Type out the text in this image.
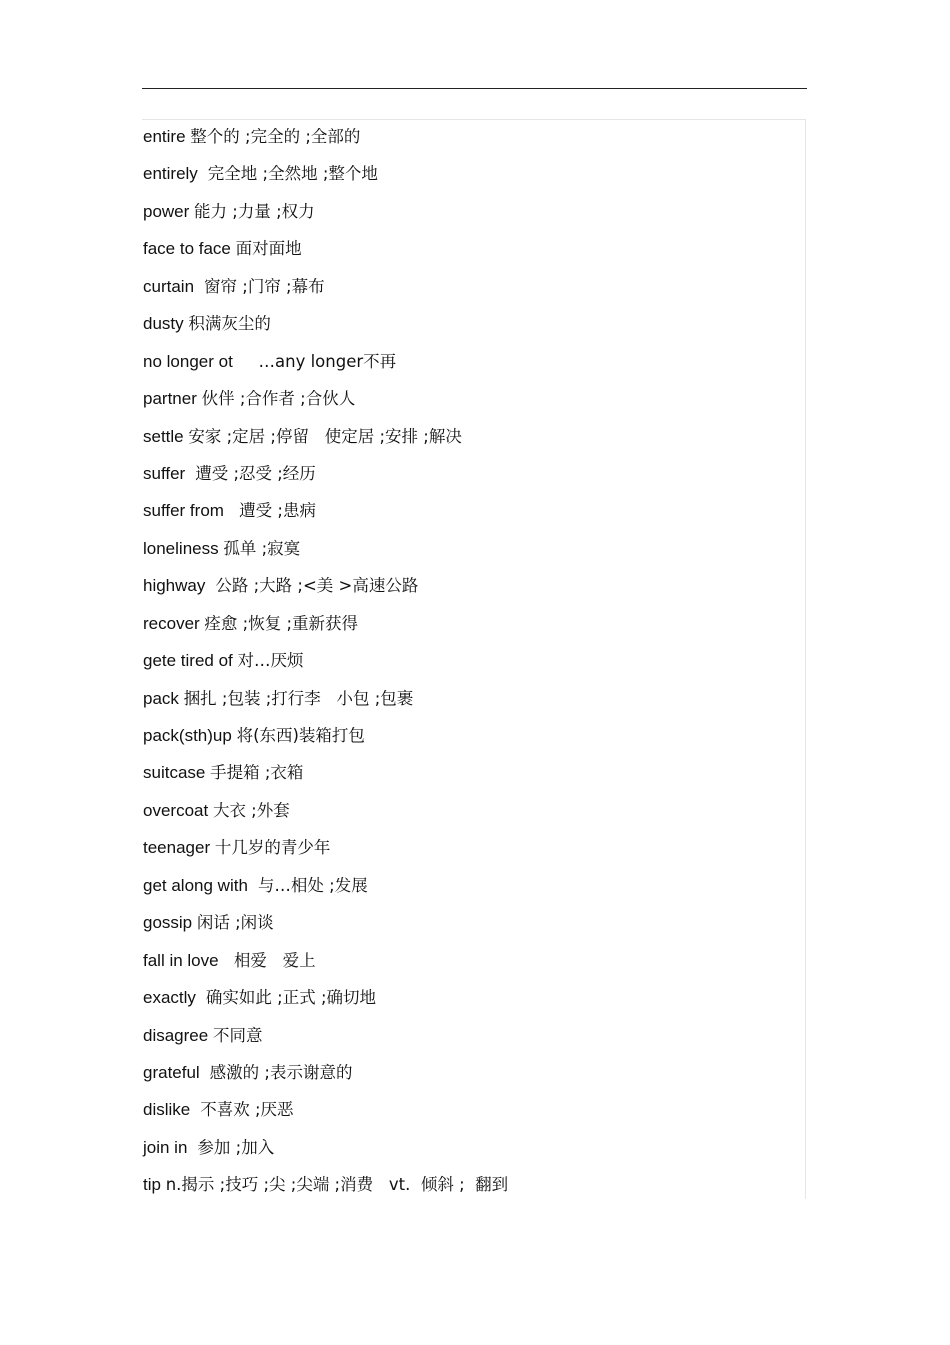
entire 整个的 ;完全的 ;全部的
entirely  完全地 ;全然地 ;整个地
power 能力 ;力量 ;权力
face to face 面对面地
curtain  窗帘 ;门帘 ;幕布
dusty 积满灰尘的
no longer ot     …any longer不再
partner 伙伴 ;合作者 ;合伙人
settle 安家 ;定居 ;停留   使定居 ;安排 ;解决
suffer  遭受 ;忍受 ;经历
suffer from   遭受 ;患病
loneliness 孤单 ;寂寞
highway  公路 ;大路 ;<美 >高速公路
recover 痊愈 ;恢复 ;重新获得
gete tired of 对…厌烦
pack 捆扎 ;包装 ;打行李   小包 ;包裹
pack(sth)up 将(东西)装箱打包
suitcase 手提箱 ;衣箱
overcoat 大衣 ;外套
teenager 十几岁的青少年
get along with  与…相处 ;发展
gossip 闲话 ;闲谈
fall in love   相爱   爱上
exactly  确实如此 ;正式 ;确切地
disagree 不同意
grateful  感激的 ;表示谢意的
dislike  不喜欢 ;厌恶
join in  参加 ;加入
tip n.揭示 ;技巧 ;尖 ;尖端 ;消费   vt.  倾斜 ;  翻到
